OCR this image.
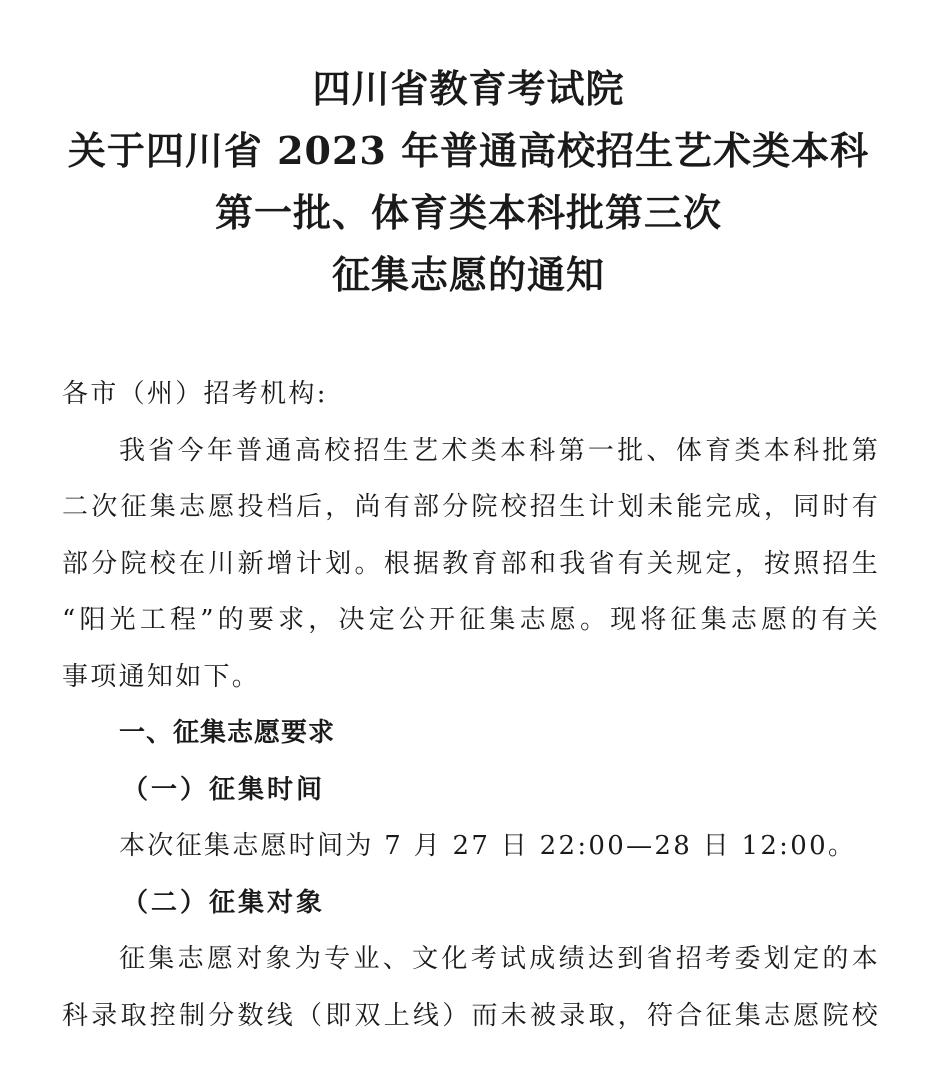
四川省教育考试院
关于四川省 2023 年普通高校招生艺术类本科
第一批、体育类本科批第三次
征集志愿的通知
各市（州）招考机构:
我省今年普通高校招生艺术类本科第一批、体育类本科批第
二次征集志愿投档后，尚有部分院校招生计划未能完成，同时有
部分院校在川新增计划。根据教育部和我省有关规定，按照招生
“阳光工程”的要求，决定公开征集志愿。现将征集志愿的有关
事项通知如下。
一、征集志愿要求
（一）征集时间
本次征集志愿时间为 7 月 27 日 22:00—28 日 12:00。
（二）征集对象
征集志愿对象为专业、文化考试成绩达到省招考委划定的本
科录取控制分数线（即双上线）而未被录取，符合征集志愿院校
